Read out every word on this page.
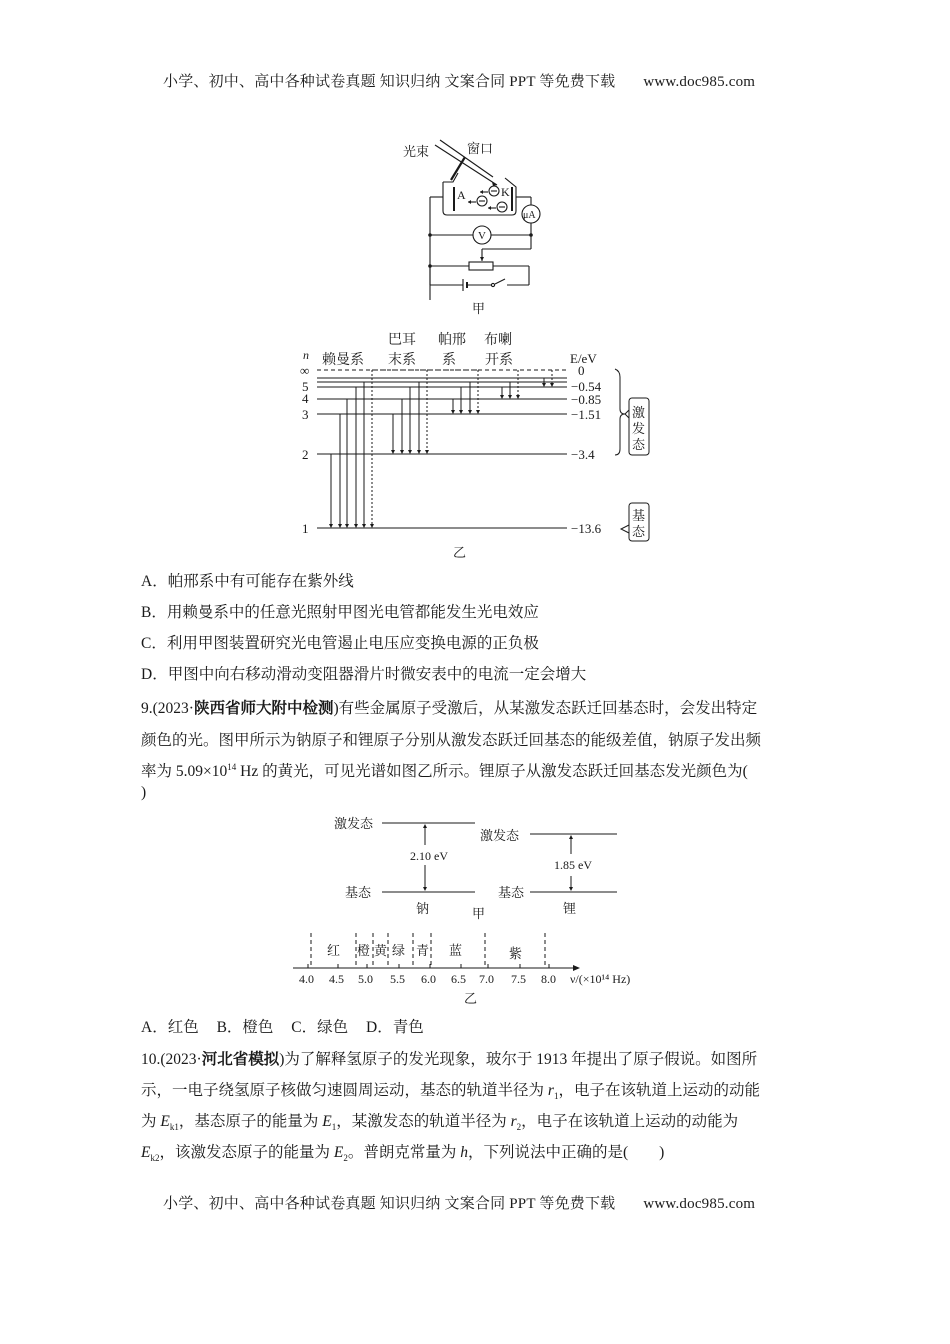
小学、初中、高中各种试卷真题 知识归纳 文案合同 PPT 等免费下载 www.doc985.com
光束	窗口
A	K
μA
V
甲
巴耳 帕邢 布喇
赖曼系 末系 系 开系
n	E/eV
∞
5
4
3
2
1
0
−0.54
−0.85
−1.51
−3.4
−13.6
激
发
态
基
态
乙
A．帕邢系中有可能存在紫外线
B．用赖曼系中的任意光照射甲图光电管都能发生光电效应
C．利用甲图装置研究光电管遏止电压应变换电源的正负极
D．甲图中向右移动滑动变阻器滑片时微安表中的电流一定会增大
9.(2023·陕西省师大附中检测)有些金属原子受激后，从某激发态跃迁回基态时，会发出特定
颜色的光。图甲所示为钠原子和锂原子分别从激发态跃迁回基态的能级差值，钠原子发出频
率为 $5.09\times 10^{14}$ Hz 的黄光，可见光谱如图乙所示。锂原子从激发态跃迁回基态发光颜色为(
)
激发态
基态
2.10 eV
钠
激发态
基态
1.85 eV
锂
甲
红 橙 黄 绿 青 蓝	紫
4.0 4.5 5.0 5.5 6.0 6.5 7.0 7.5 8.0 ν/(×10¹⁴ Hz)
乙
A．红色 B．橙色 C．绿色 D．青色
10.(2023·河北省模拟)为了解释氢原子的发光现象，玻尔于 1913 年提出了原子假说。如图所
示，一电子绕氢原子核做匀速圆周运动，基态的轨道半径为 $r_1$，电子在该轨道上运动的动能
为 $E_{k1}$，基态原子的能量为 $E_1$，某激发态的轨道半径为 $r_2$，电子在该轨道上运动的动能为
$E_{k2}$，该激发态原子的能量为 $E_2$。普朗克常量为 h，下列说法中正确的是(　　)
小学、初中、高中各种试卷真题 知识归纳 文案合同 PPT 等免费下载 www.doc985.com
